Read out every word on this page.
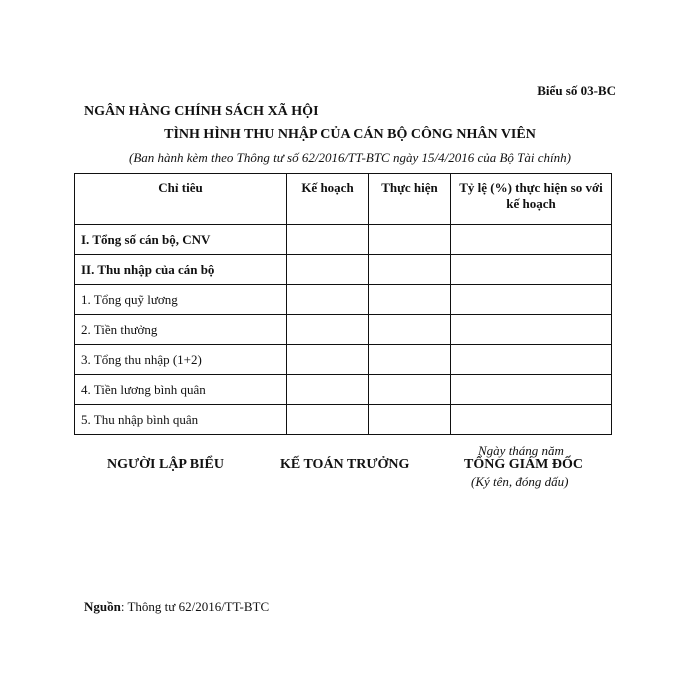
Biểu số 03-BC
NGÂN HÀNG CHÍNH SÁCH XÃ HỘI
TÌNH HÌNH THU NHẬP CỦA CÁN BỘ CÔNG NHÂN VIÊN
(Ban hành kèm theo Thông tư số 62/2016/TT-BTC ngày 15/4/2016 của Bộ Tài chính)
Chỉ tiêu	Kế hoạch	Thực hiện	Tỷ lệ (%) thực hiện so với kế hoạch
I. Tổng số cán bộ, CNV			
II. Thu nhập của cán bộ			
1. Tổng quỹ lương			
2. Tiền thưởng			
3. Tổng thu nhập (1+2)			
4. Tiền lương bình quân			
5. Thu nhập bình quân			
NGƯỜI LẬP BIỂU	KẾ TOÁN TRƯỞNG
Ngày tháng năm
TỔNG GIÁM ĐỐC
(Ký tên, đóng dấu)
Nguồn: Thông tư 62/2016/TT-BTC
